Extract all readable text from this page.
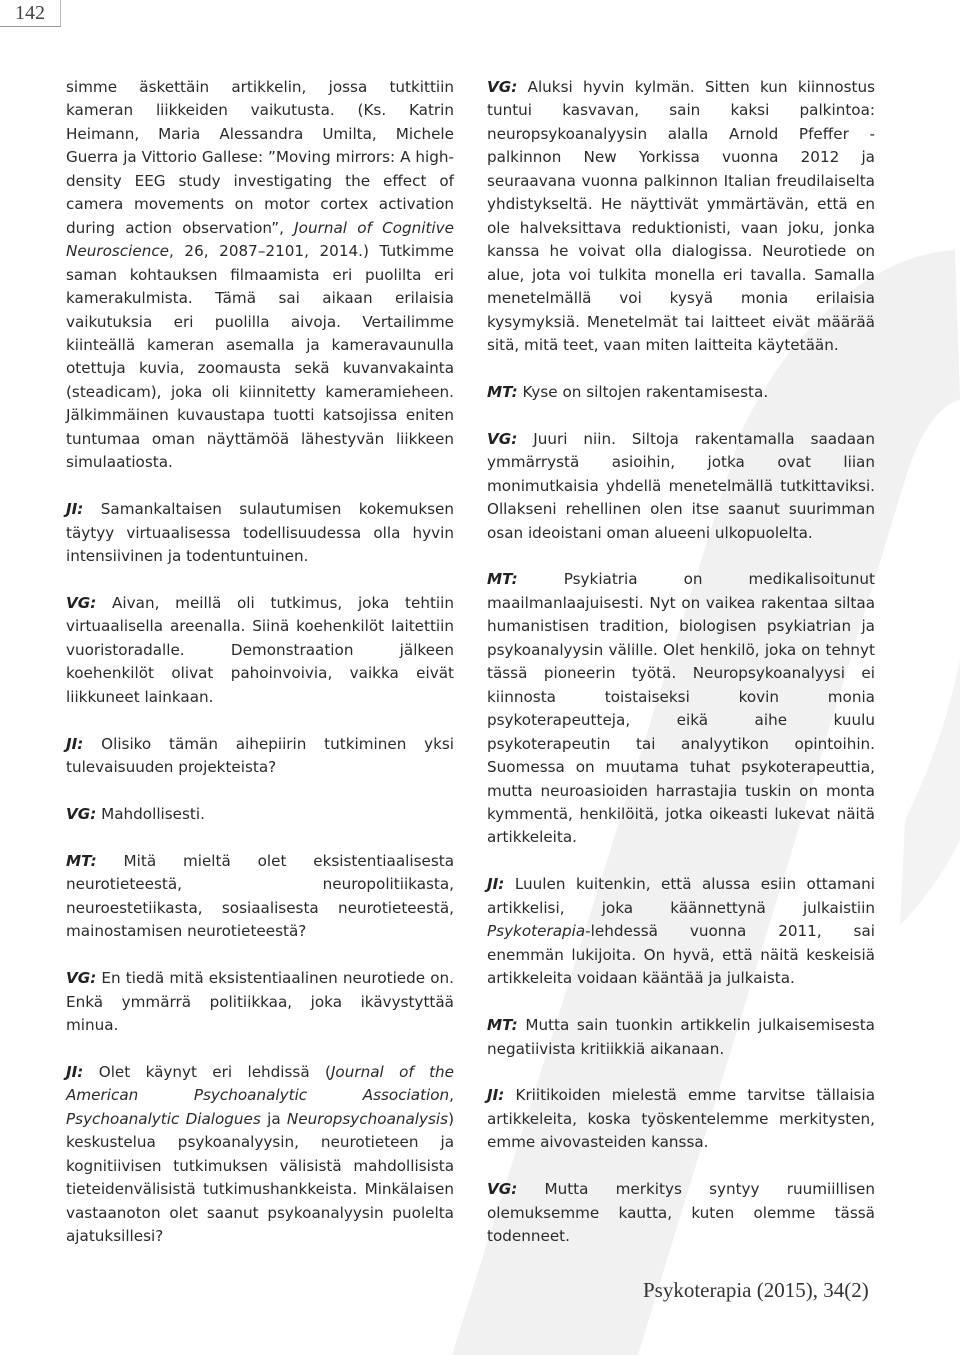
142

simme äskettäin artikkelin, jossa tutkittiin kameran liikkeiden vaikutusta. (Ks. Katrin Heimann, Maria Alessandra Umilta, Michele Guerra ja Vittorio Gallese: ”Moving mirrors: A high-density EEG study investigating the effect of camera movements on motor cortex activation during action observation”, Journal of Cognitive Neuroscience, 26, 2087–2101, 2014.) Tutkimme saman kohtauksen filmaamista eri puolilta eri kamerakulmista. Tämä sai aikaan erilaisia vaikutuksia eri puolilla aivoja. Vertailimme kiinteällä kameran asemalla ja kameravaunulla otettuja kuvia, zoomausta sekä kuvanvakainta (steadicam), joka oli kiinnitetty kameramieheen. Jälkimmäinen kuvaustapa tuotti katsojissa eniten tuntumaa oman näyttämöä lähestyvän liikkeen simulaatiosta.

JI: Samankaltaisen sulautumisen kokemuksen täytyy virtuaalisessa todellisuudessa olla hyvin intensiivinen ja todentuntuinen.

VG: Aivan, meillä oli tutkimus, joka tehtiin virtuaalisella areenalla. Siinä koehenkilöt laitettiin vuoristoradalle. Demonstraation jälkeen koehenkilöt olivat pahoinvoivia, vaikka eivät liikkuneet lainkaan.

JI: Olisiko tämän aihepiirin tutkiminen yksi tulevaisuuden projekteista?

VG: Mahdollisesti.

MT: Mitä mieltä olet eksistentiaalisesta neurotieteestä, neuropolitiikasta, neuroestetiikasta, sosiaalisesta neurotieteestä, mainostamisen neurotieteestä?

VG: En tiedä mitä eksistentiaalinen neurotiede on. Enkä ymmärrä politiikkaa, joka ikävystyttää minua.

JI: Olet käynyt eri lehdissä (Journal of the American Psychoanalytic Association, Psychoanalytic Dialogues ja Neuropsychoanalysis) keskustelua psykoanalyysin, neurotieteen ja kognitiivisen tutkimuksen välisistä mahdollisista tieteidenvälisistä tutkimushankkeista. Minkälaisen vastaanoton olet saanut psykoanalyysin puolelta ajatuksillesi?

VG: Aluksi hyvin kylmän. Sitten kun kiinnostus tuntui kasvavan, sain kaksi palkintoa: neuropsykoanalyysin alalla Arnold Pfeffer -palkinnon New Yorkissa vuonna 2012 ja seuraavana vuonna palkinnon Italian freudilaiselta yhdistykseltä. He näyttivät ymmärtävän, että en ole halveksittava reduktionisti, vaan joku, jonka kanssa he voivat olla dialogissa. Neurotiede on alue, jota voi tulkita monella eri tavalla. Samalla menetelmällä voi kysyä monia erilaisia kysymyksiä. Menetelmät tai laitteet eivät määrää sitä, mitä teet, vaan miten laitteita käytetään.

MT: Kyse on siltojen rakentamisesta.

VG: Juuri niin. Siltoja rakentamalla saadaan ymmärrystä asioihin, jotka ovat liian monimutkaisia yhdellä menetelmällä tutkittaviksi. Ollakseni rehellinen olen itse saanut suurimman osan ideoistani oman alueeni ulkopuolelta.

MT: Psykiatria on medikalisoitunut maailmanlaajuisesti. Nyt on vaikea rakentaa siltaa humanistisen tradition, biologisen psykiatrian ja psykoanalyysin välille. Olet henkilö, joka on tehnyt tässä pioneerin työtä. Neuropsykoanalyysi ei kiinnosta toistaiseksi kovin monia psykoterapeutteja, eikä aihe kuulu psykoterapeutin tai analyytikon opintoihin. Suomessa on muutama tuhat psykoterapeuttia, mutta neuroasioiden harrastajia tuskin on monta kymmentä, henkilöitä, jotka oikeasti lukevat näitä artikkeleita.

JI: Luulen kuitenkin, että alussa esiin ottamani artikkelisi, joka käännettynä julkaistiin Psykoterapia-lehdessä vuonna 2011, sai enemmän lukijoita. On hyvä, että näitä keskeisiä artikkeleita voidaan kääntää ja julkaista.

MT: Mutta sain tuonkin artikkelin julkaisemisesta negatiivista kritiikkiä aikanaan.

JI: Kriitikoiden mielestä emme tarvitse tällaisia artikkeleita, koska työskentelemme merkitysten, emme aivovasteiden kanssa.

VG: Mutta merkitys syntyy ruumiillisen olemuksemme kautta, kuten olemme tässä todenneet.

Psykoterapia (2015), 34(2)
